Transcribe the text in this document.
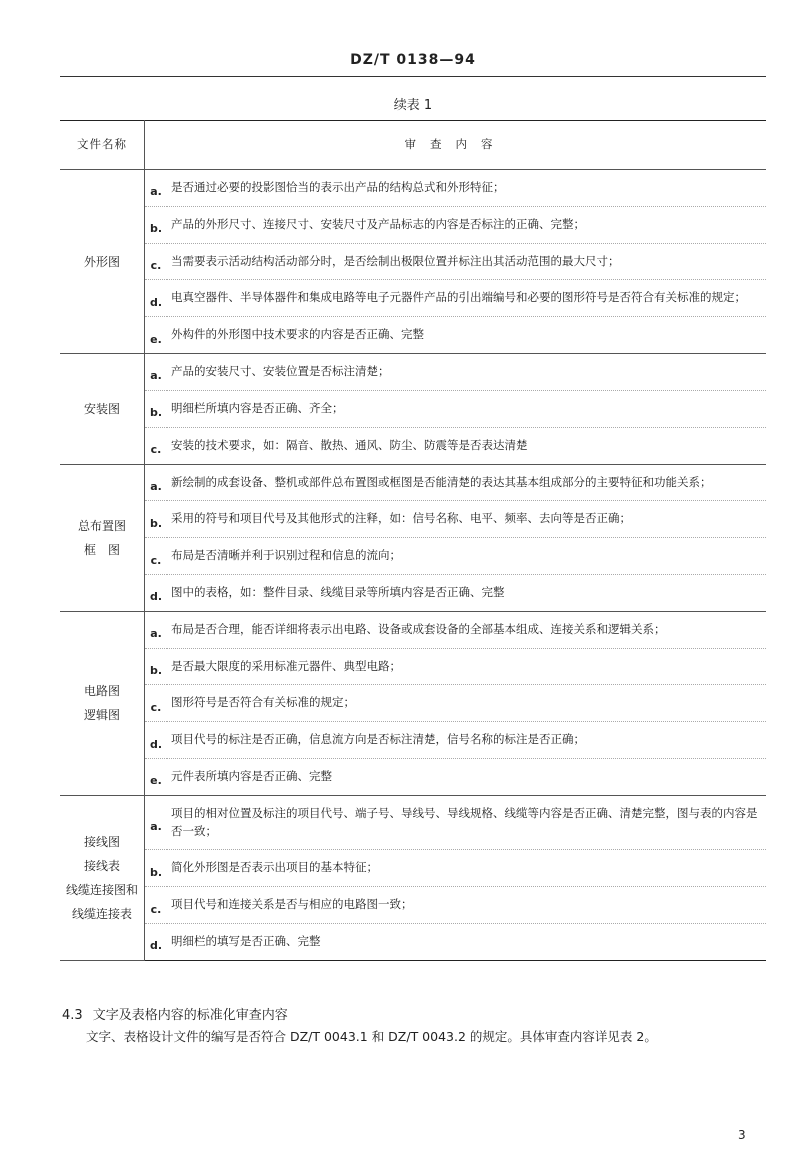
DZ/T 0138—94
续表 1
文件名称	审查内容	
外形图	a.	是否通过必要的投影图恰当的表示出产品的结构总式和外形特征；
	b.	产品的外形尺寸、连接尺寸、安装尺寸及产品标志的内容是否标注的正确、完整；
	c.	当需要表示活动结构活动部分时，是否绘制出极限位置并标注出其活动范围的最大尺寸；
	d.	电真空器件、半导体器件和集成电路等电子元器件产品的引出端编号和必要的图形符号是否符合有关标准的规定；
	e.	外构件的外形图中技术要求的内容是否正确、完整
安装图	a.	产品的安装尺寸、安装位置是否标注清楚；
	b.	明细栏所填内容是否正确、齐全；
	c.	安装的技术要求，如：隔音、散热、通风、防尘、防震等是否表达清楚
总布置图
框　图	a.	新绘制的成套设备、整机或部件总布置图或框图是否能清楚的表达其基本组成部分的主要特征和功能关系；
	b.	采用的符号和项目代号及其他形式的注释，如：信号名称、电平、频率、去向等是否正确；
	c.	布局是否清晰并利于识别过程和信息的流向；
	d.	图中的表格，如：整件目录、线缆目录等所填内容是否正确、完整
电路图
逻辑图	a.	布局是否合理，能否详细将表示出电路、设备或成套设备的全部基本组成、连接关系和逻辑关系；
	b.	是否最大限度的采用标准元器件、典型电路；
	c.	图形符号是否符合有关标准的规定；
	d.	项目代号的标注是否正确，信息流方向是否标注清楚，信号名称的标注是否正确；
	e.	元件表所填内容是否正确、完整
接线图
接线表
线缆连接图和
线缆连接表	a.	项目的相对位置及标注的项目代号、端子号、导线号、导线规格、线缆等内容是否正确、清楚完整，图与表的内容是否一致；
	b.	简化外形图是否表示出项目的基本特征；
	c.	项目代号和连接关系是否与相应的电路图一致；
	d.	明细栏的填写是否正确、完整
4.3 文字及表格内容的标准化审查内容
文字、表格设计文件的编写是否符合 DZ/T 0043.1 和 DZ/T 0043.2 的规定。具体审查内容详见表 2。
3
